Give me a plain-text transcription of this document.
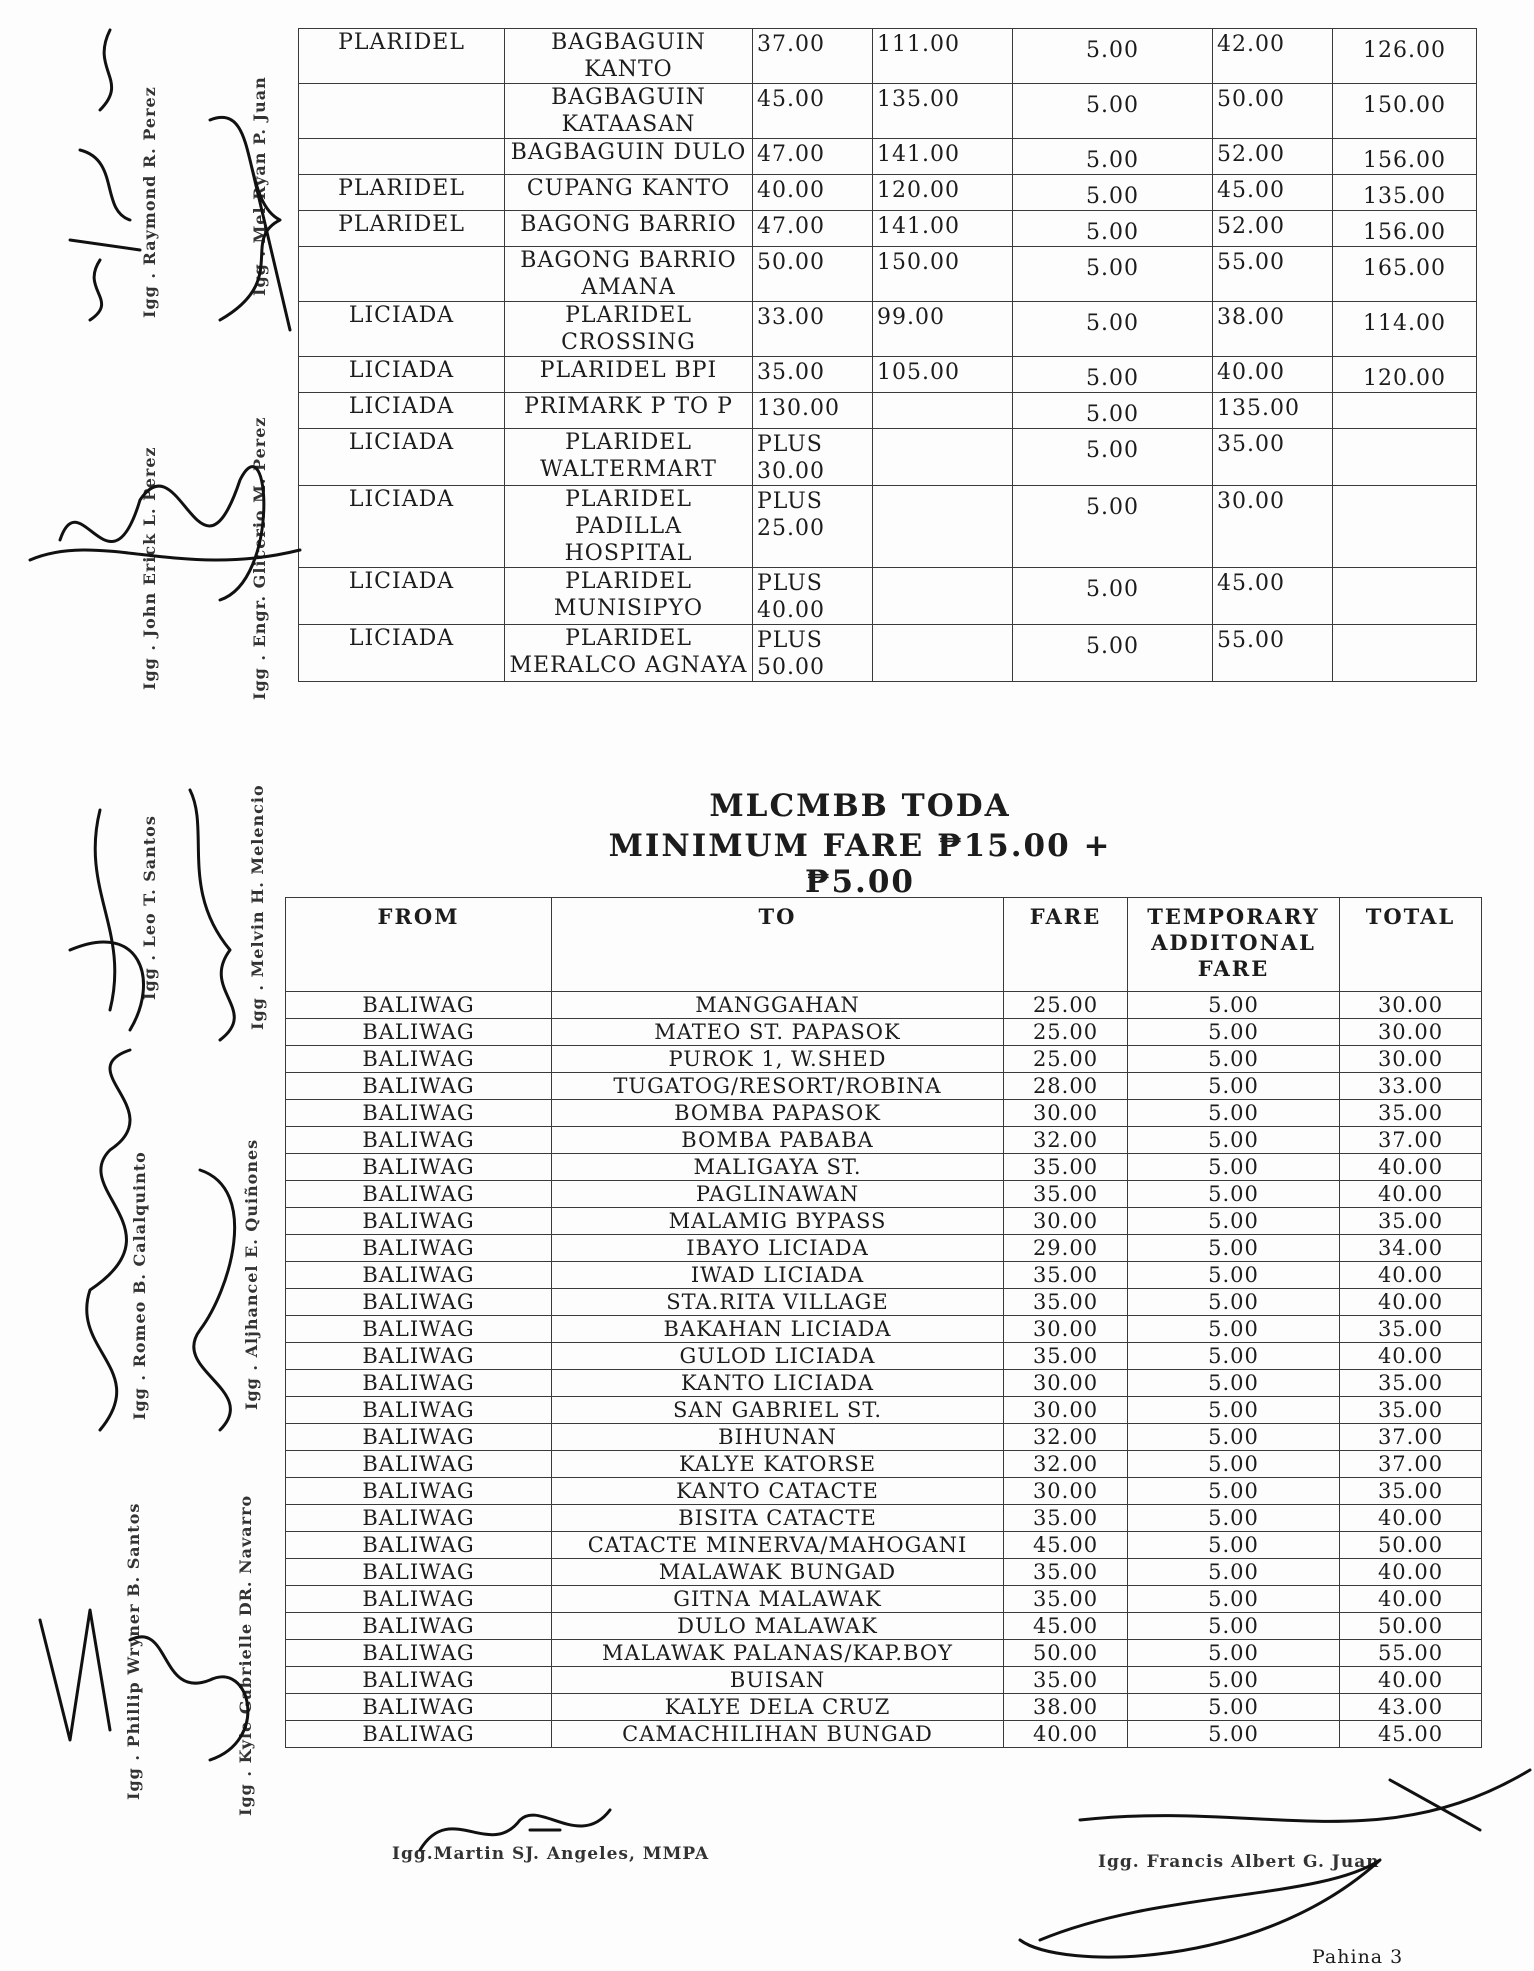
PLARIDEL	BAGBAGUIN KANTO	37.00	111.00	5.00	42.00	126.00
	BAGBAGUIN KATAASAN	45.00	135.00	5.00	50.00	150.00
	BAGBAGUIN DULO	47.00	141.00	5.00	52.00	156.00
PLARIDEL	CUPANG KANTO	40.00	120.00	5.00	45.00	135.00
PLARIDEL	BAGONG BARRIO	47.00	141.00	5.00	52.00	156.00
	BAGONG BARRIO AMANA	50.00	150.00	5.00	55.00	165.00
LICIADA	PLARIDEL CROSSING	33.00	99.00	5.00	38.00	114.00
LICIADA	PLARIDEL BPI	35.00	105.00	5.00	40.00	120.00
LICIADA	PRIMARK P TO P	130.00		5.00	135.00	
LICIADA	PLARIDEL WALTERMART	PLUS 30.00		5.00	35.00	
LICIADA	PLARIDEL PADILLA HOSPITAL	PLUS 25.00		5.00	30.00	
LICIADA	PLARIDEL MUNISIPYO	PLUS 40.00		5.00	45.00	
LICIADA	PLARIDEL MERALCO AGNAYA	PLUS 50.00		5.00	55.00	
MLCMBB TODA
MINIMUM FARE ₱15.00 + ₱5.00
FROM	TO	FARE	TEMPORARY ADDITONAL FARE	TOTAL
BALIWAG	MANGGAHAN	25.00	5.00	30.00
BALIWAG	MATEO ST. PAPASOK	25.00	5.00	30.00
BALIWAG	PUROK 1, W.SHED	25.00	5.00	30.00
BALIWAG	TUGATOG/RESORT/ROBINA	28.00	5.00	33.00
BALIWAG	BOMBA PAPASOK	30.00	5.00	35.00
BALIWAG	BOMBA PABABA	32.00	5.00	37.00
BALIWAG	MALIGAYA ST.	35.00	5.00	40.00
BALIWAG	PAGLINAWAN	35.00	5.00	40.00
BALIWAG	MALAMIG BYPASS	30.00	5.00	35.00
BALIWAG	IBAYO LICIADA	29.00	5.00	34.00
BALIWAG	IWAD LICIADA	35.00	5.00	40.00
BALIWAG	STA.RITA VILLAGE	35.00	5.00	40.00
BALIWAG	BAKAHAN LICIADA	30.00	5.00	35.00
BALIWAG	GULOD LICIADA	35.00	5.00	40.00
BALIWAG	KANTO LICIADA	30.00	5.00	35.00
BALIWAG	SAN GABRIEL ST.	30.00	5.00	35.00
BALIWAG	BIHUNAN	32.00	5.00	37.00
BALIWAG	KALYE KATORSE	32.00	5.00	37.00
BALIWAG	KANTO CATACTE	30.00	5.00	35.00
BALIWAG	BISITA CATACTE	35.00	5.00	40.00
BALIWAG	CATACTE MINERVA/MAHOGANI	45.00	5.00	50.00
BALIWAG	MALAWAK BUNGAD	35.00	5.00	40.00
BALIWAG	GITNA MALAWAK	35.00	5.00	40.00
BALIWAG	DULO MALAWAK	45.00	5.00	50.00
BALIWAG	MALAWAK PALANAS/KAP.BOY	50.00	5.00	55.00
BALIWAG	BUISAN	35.00	5.00	40.00
BALIWAG	KALYE DELA CRUZ	38.00	5.00	43.00
BALIWAG	CAMACHILIHAN BUNGAD	40.00	5.00	45.00
Igg . Raymond R. Perez	Igg . Mel Ryan P. Juan
Igg . John Erick L. Perez	Igg . Engr. Glicerio M. Perez
Igg . Leo T. Santos	Igg . Melvin H. Melencio
Igg . Romeo B. Calalquinto	Igg . Aljhancel E. Quiñones
Igg . Phillip Wryner B. Santos	Igg . Kyle Gabrielle DR. Navarro
Igg.Martin SJ. Angeles, MMPA	Igg. Francis Albert G. Juan
Pahina 3
